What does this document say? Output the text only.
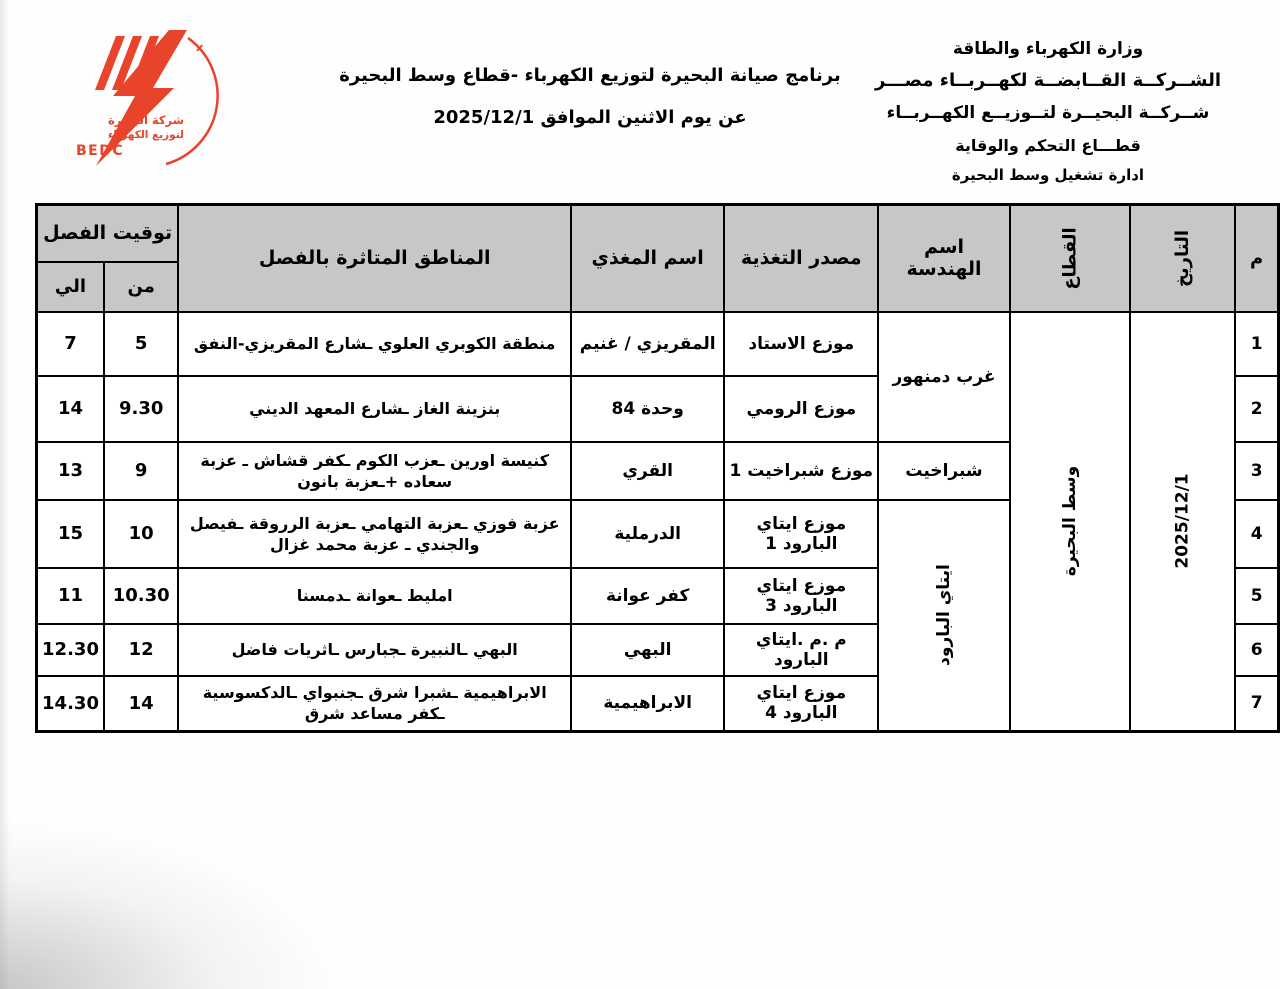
ا
شركة البحيرة
لتوزيع الكهرباء
BEDC
برنامج صيانة البحيرة لتوزيع الكهرباء -قطاع وسط البحيرة
عن يوم الاثنين الموافق 2025/12/1
وزارة الكهرباء والطاقة
الشــركــة القــابضــة لكهــربــاء مصـــر
شــركــة البحيــرة لتــوزيــع الكهــربــاء
قطـــاع التحكم والوقاية
ادارة تشغيل وسط البحيرة
م	التاريخ	القطاع	اسم الهندسة	مصدر التغذية	اسم المغذي	المناطق المتاثرة بالفصل	توقيت الفصل	
							من	الي
1	2025/12/1	وسط البحيرة	غرب دمنهور	موزع الاستاد	المقريزي / غنيم	منطقة الكوبري العلوي ـشارع المقريزي-النفق	5	7
2				موزع الرومي	وحدة 84	بنزينة الغاز ـشارع المعهد الديني	9.30	14
3			شبراخيت	موزع شبراخيت 1	القري	كنيسة اورين ـعزب الكوم ـكفر قشاش ـ عزبة سعاده +ـعزبة بانون	9	13
4			ايتاي البارود	موزع ايتاي البارود 1	الدرملية	عزبة فوزي ـعزبة التهامي ـعزبة الرروقة ـفيصل والجندي ـ عزبة محمد غزال	10	15
5				موزع ايتاي البارود 3	كفر عوانة	امليط ـعوانة ـدمسنا	10.30	11
6				م .م .ايتاي البارود	البهي	البهي ـالنبيرة ـجبارس ـاثريات فاضل	12	12.30
7				موزع ايتاي البارود 4	الابراهيمية	الابراهيمية ـشبرا شرق ـجنبواي ـالدكسوسية ـكفر مساعد شرق	14	14.30
